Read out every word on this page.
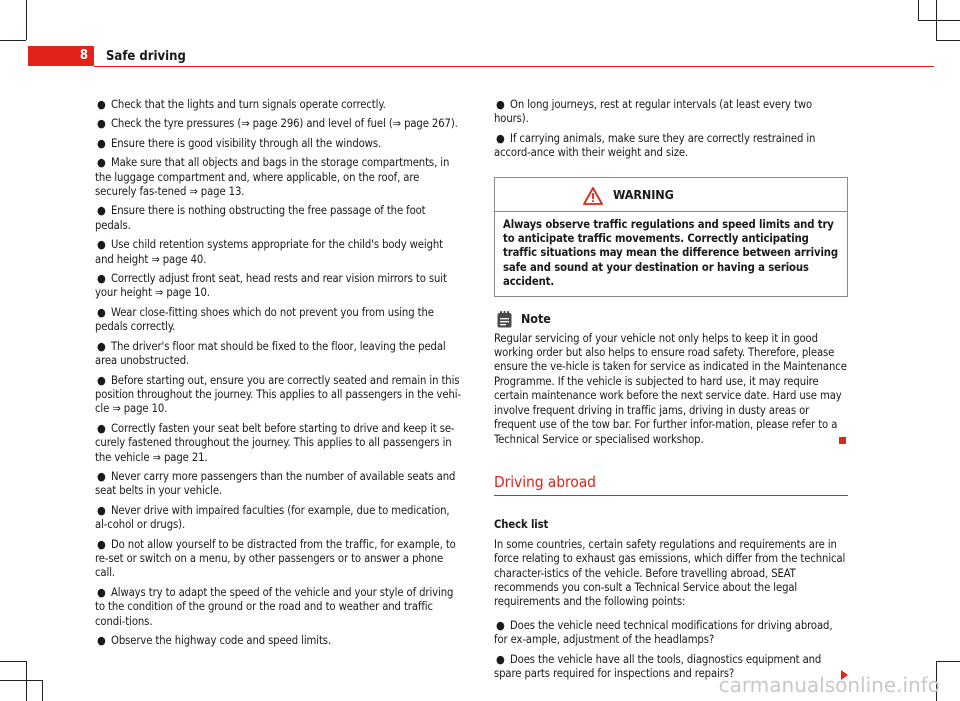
8	Safe driving
● Check that the lights and turn signals operate correctly.
● Check the tyre pressures (⇒ page 296) and level of fuel (⇒ page 267).
● Ensure there is good visibility through all the windows.
● Make sure that all objects and bags in the storage compartments, in the luggage compartment and, where applicable, on the roof, are securely fas-tened ⇒ page 13.
● Ensure there is nothing obstructing the free passage of the foot pedals.
● Use child retention systems appropriate for the child's body weight and height ⇒ page 40.
● Correctly adjust front seat, head rests and rear vision mirrors to suit your height ⇒ page 10.
● Wear close-fitting shoes which do not prevent you from using the pedals correctly.
● The driver's floor mat should be fixed to the floor, leaving the pedal area unobstructed.
● Before starting out, ensure you are correctly seated and remain in this position throughout the journey. This applies to all passengers in the vehi-cle ⇒ page 10.
● Correctly fasten your seat belt before starting to drive and keep it se-curely fastened throughout the journey. This applies to all passengers in the vehicle ⇒ page 21.
● Never carry more passengers than the number of available seats and seat belts in your vehicle.
● Never drive with impaired faculties (for example, due to medication, al-cohol or drugs).
● Do not allow yourself to be distracted from the traffic, for example, to re-set or switch on a menu, by other passengers or to answer a phone call.
● Always try to adapt the speed of the vehicle and your style of driving to the condition of the ground or the road and to weather and traffic condi-tions.
● Observe the highway code and speed limits.
● On long journeys, rest at regular intervals (at least every two hours).
● If carrying animals, make sure they are correctly restrained in accord-ance with their weight and size.
WARNING
Always observe traffic regulations and speed limits and try to anticipate traffic movements. Correctly anticipating traffic situations may mean the difference between arriving safe and sound at your destination or having a serious accident.
Note
Regular servicing of your vehicle not only helps to keep it in good working order but also helps to ensure road safety. Therefore, please ensure the ve-hicle is taken for service as indicated in the Maintenance Programme. If the vehicle is subjected to hard use, it may require certain maintenance work before the next service date. Hard use may involve frequent driving in traffic jams, driving in dusty areas or frequent use of the tow bar. For further infor-mation, please refer to a Technical Service or specialised workshop.
Driving abroad
Check list
In some countries, certain safety regulations and requirements are in force relating to exhaust gas emissions, which differ from the technical character-istics of the vehicle. Before travelling abroad, SEAT recommends you con-sult a Technical Service about the legal requirements and the following points:
● Does the vehicle need technical modifications for driving abroad, for ex-ample, adjustment of the headlamps?
● Does the vehicle have all the tools, diagnostics equipment and spare parts required for inspections and repairs?
carmanualsonline.info
